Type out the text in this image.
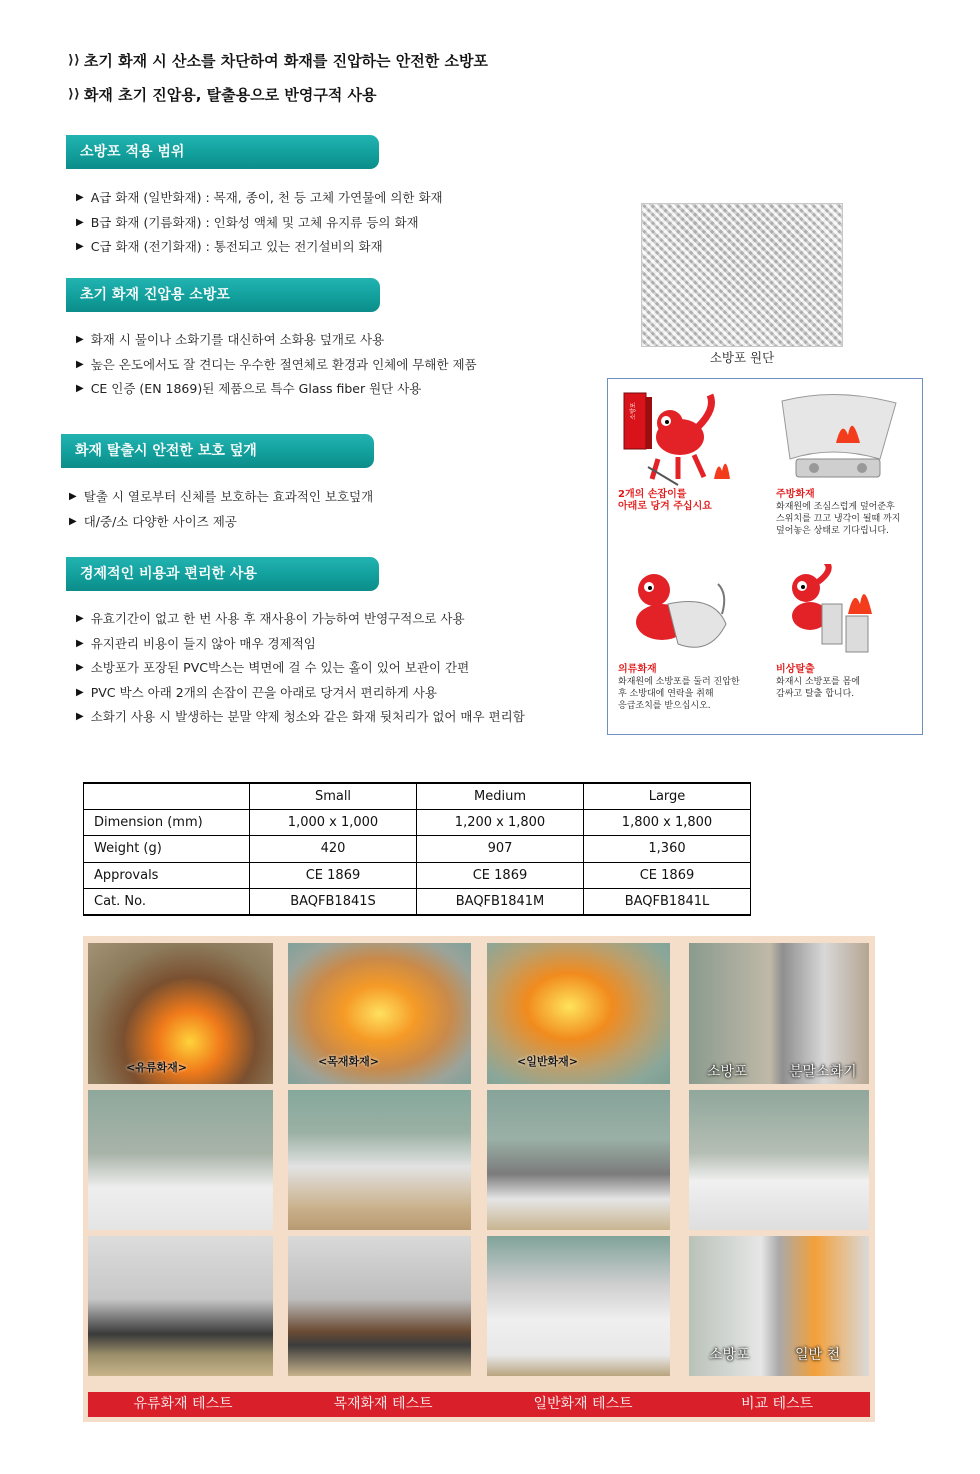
⟩⟩ 초기 화재 시 산소를 차단하여 화재를 진압하는 안전한 소방포
⟩⟩ 화재 초기 진압용, 탈출용으로 반영구적 사용
소방포 적용 범위
▶ A급 화재 (일반화재) : 목재, 종이, 천 등 고체 가연물에 의한 화재
▶ B급 화재 (기름화재) : 인화성 액체 및 고체 유지류 등의 화재
▶ C급 화재 (전기화재) : 통전되고 있는 전기설비의 화재
초기 화재 진압용 소방포
▶ 화재 시 물이나 소화기를 대신하여 소화용 덮개로 사용
▶ 높은 온도에서도 잘 견디는 우수한 절연체로 환경과 인체에 무해한 제품
▶ CE 인증 (EN 1869)된 제품으로 특수 Glass fiber 원단 사용
화재 탈출시 안전한 보호 덮개
▶ 탈출 시 열로부터 신체를 보호하는 효과적인 보호덮개
▶ 대/중/소 다양한 사이즈 제공
경제적인 비용과 편리한 사용
▶ 유효기간이 없고 한 번 사용 후 재사용이 가능하여 반영구적으로 사용
▶ 유지관리 비용이 들지 않아 매우 경제적임
▶ 소방포가 포장된 PVC박스는 벽면에 걸 수 있는 홀이 있어 보관이 간편
▶ PVC 박스 아래 2개의 손잡이 끈을 아래로 당겨서 편리하게 사용
▶ 소화기 사용 시 발생하는 분말 약제 청소와 같은 화재 뒷처리가 없어 매우 편리함
소방포 원단
소방포
2개의 손잡이를
아래로 당겨 주십시요
주방화재
화재원에 조심스럽게 덮어준후
스위치를 끄고 냉각이 될때 까지
덮어놓은 상태로 기다립니다.
의류화재
화재원에 소방포를 둘러 진압한
후 소방대에 연락을 취해
응급조치를 받으십시오.
비상탈출
화재시 소방포를 몸에
감싸고 탈출 합니다.
	Small	Medium	Large
Dimension (mm)	1,000 x 1,000	1,200 x 1,800	1,800 x 1,800
Weight (g)	420	907	1,360
Approvals	CE 1869	CE 1869	CE 1869
Cat. No.	BAQFB1841S	BAQFB1841M	BAQFB1841L
<유류화재>	<목재화재>	<일반화재>
소방포	분말소화기
소방포	일반 천
유류화재 테스트	목재화재 테스트	일반화재 테스트	비교 테스트
